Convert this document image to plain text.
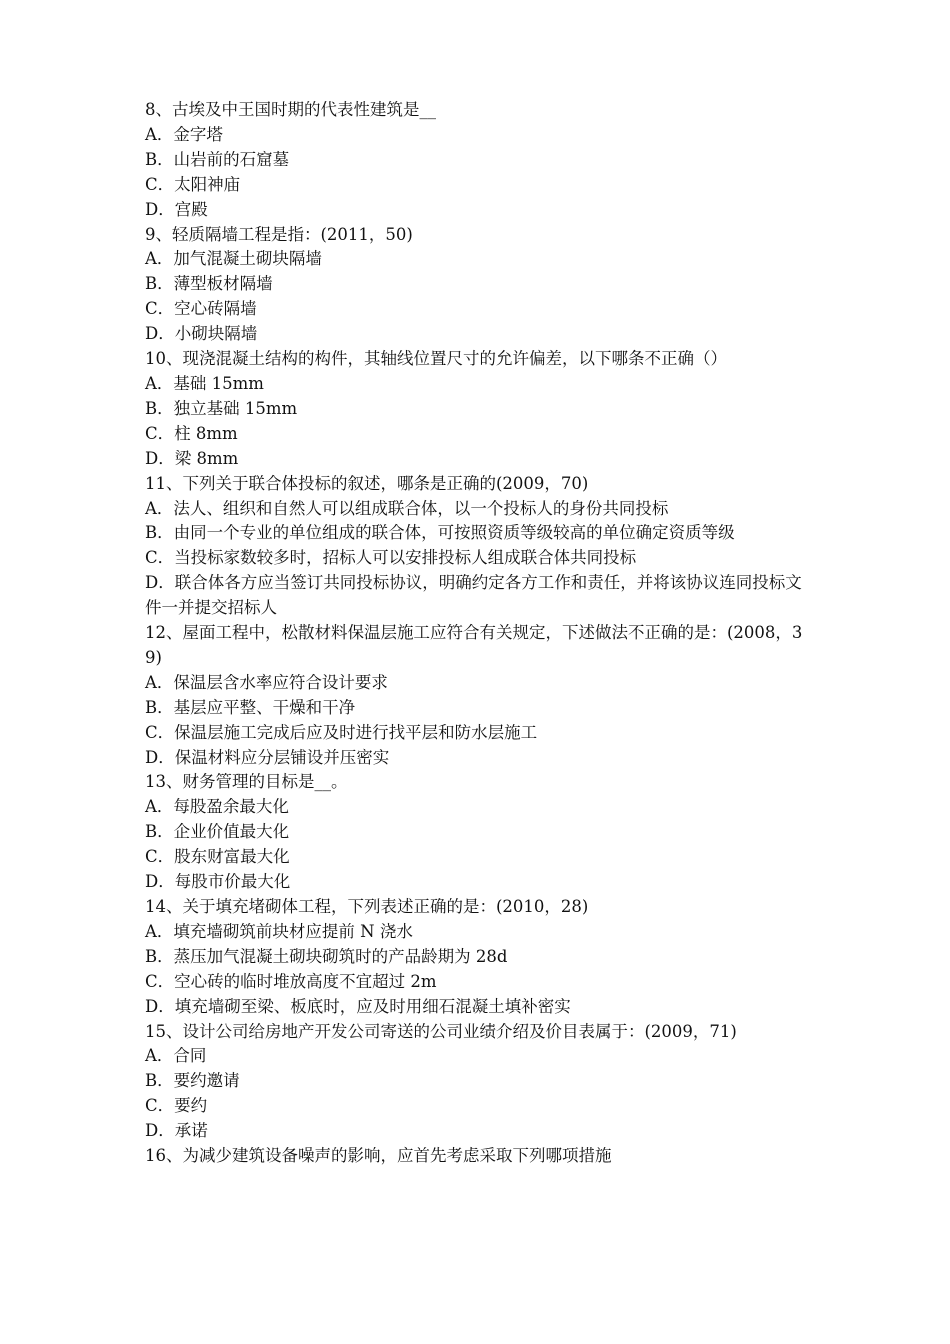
8、古埃及中王国时期的代表性建筑是__

A．金字塔

B．山岩前的石窟墓

C．太阳神庙

D．宫殿

9、轻质隔墙工程是指：(2011，50)

A．加气混凝土砌块隔墙

B．薄型板材隔墙

C．空心砖隔墙

D．小砌块隔墙

10、现浇混凝土结构的构件，其轴线位置尺寸的允许偏差，以下哪条不正确（）

A．基础 15mm

B．独立基础 15mm

C．柱 8mm

D．梁 8mm

11、下列关于联合体投标的叙述，哪条是正确的(2009，70)

A．法人、组织和自然人可以组成联合体，以一个投标人的身份共同投标

B．由同一个专业的单位组成的联合体，可按照资质等级较高的单位确定资质等级

C．当投标家数较多时，招标人可以安排投标人组成联合体共同投标

D．联合体各方应当签订共同投标协议，明确约定各方工作和责任，并将该协议连同投标文件一并提交招标人

12、屋面工程中，松散材料保温层施工应符合有关规定，下述做法不正确的是：(2008，39)

A．保温层含水率应符合设计要求

B．基层应平整、干燥和干净

C．保温层施工完成后应及时进行找平层和防水层施工

D．保温材料应分层铺设并压密实

13、财务管理的目标是__。

A．每股盈余最大化

B．企业价值最大化

C．股东财富最大化

D．每股市价最大化

14、关于填充堵砌体工程，下列表述正确的是：(2010，28)

A．填充墙砌筑前块材应提前 N 浇水

B．蒸压加气混凝土砌块砌筑时的产品龄期为 28d

C．空心砖的临时堆放高度不宜超过 2m

D．填充墙砌至梁、板底时，应及时用细石混凝土填补密实

15、设计公司给房地产开发公司寄送的公司业绩介绍及价目表属于：(2009，71)

A．合同

B．要约邀请

C．要约

D．承诺

16、为减少建筑设备噪声的影响，应首先考虑采取下列哪项措施
